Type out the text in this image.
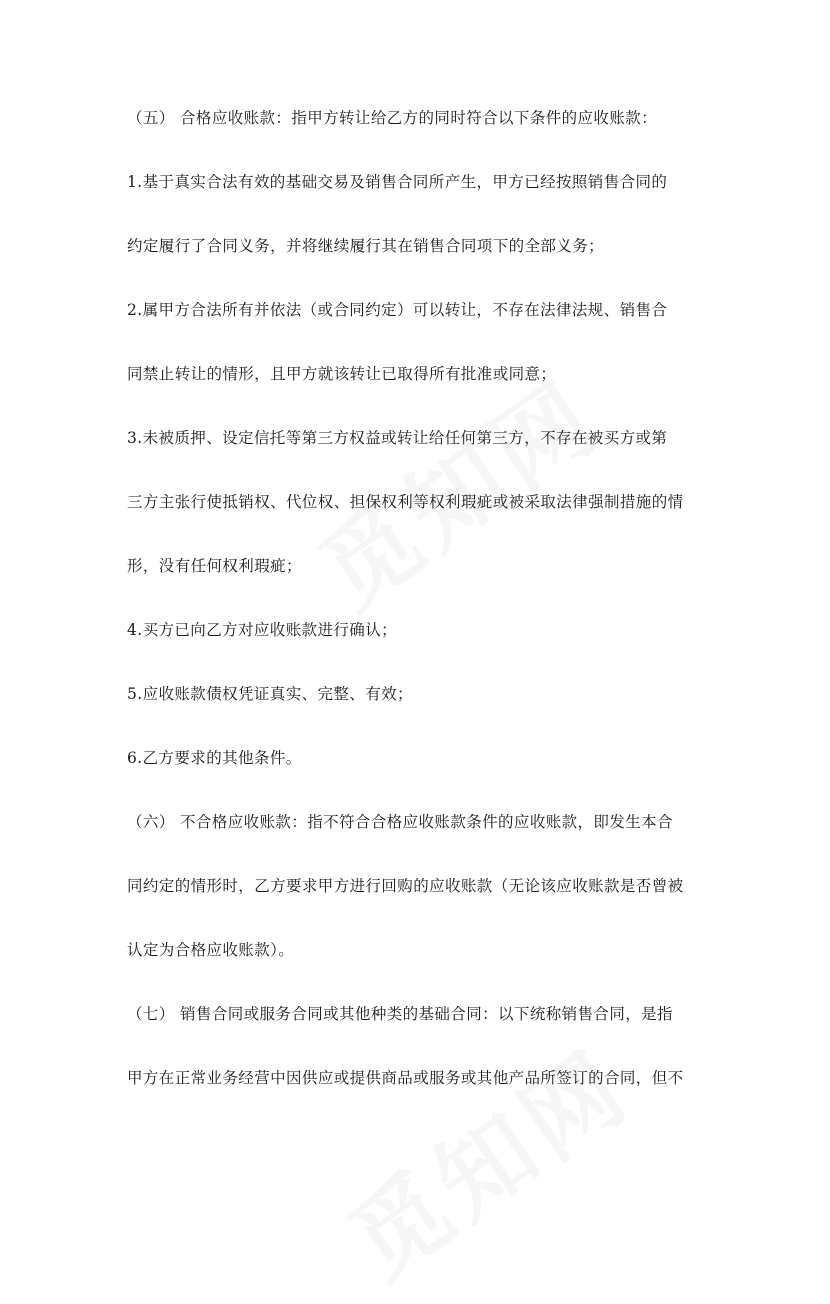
（五） 合格应收账款：指甲方转让给乙方的同时符合以下条件的应收账款：
1.基于真实合法有效的基础交易及销售合同所产生，甲方已经按照销售合同的
约定履行了合同义务，并将继续履行其在销售合同项下的全部义务；
2.属甲方合法所有并依法（或合同约定）可以转让，不存在法律法规、销售合
同禁止转让的情形，且甲方就该转让已取得所有批准或同意；
3.未被质押、设定信托等第三方权益或转让给任何第三方，不存在被买方或第
三方主张行使抵销权、代位权、担保权利等权利瑕疵或被采取法律强制措施的情
形，没有任何权利瑕疵；
4.买方已向乙方对应收账款进行确认；
5.应收账款债权凭证真实、完整、有效；
6.乙方要求的其他条件。
（六） 不合格应收账款：指不符合合格应收账款条件的应收账款，即发生本合
同约定的情形时，乙方要求甲方进行回购的应收账款（无论该应收账款是否曾被
认定为合格应收账款）。
（七） 销售合同或服务合同或其他种类的基础合同：以下统称销售合同，是指
甲方在正常业务经营中因供应或提供商品或服务或其他产品所签订的合同，但不
